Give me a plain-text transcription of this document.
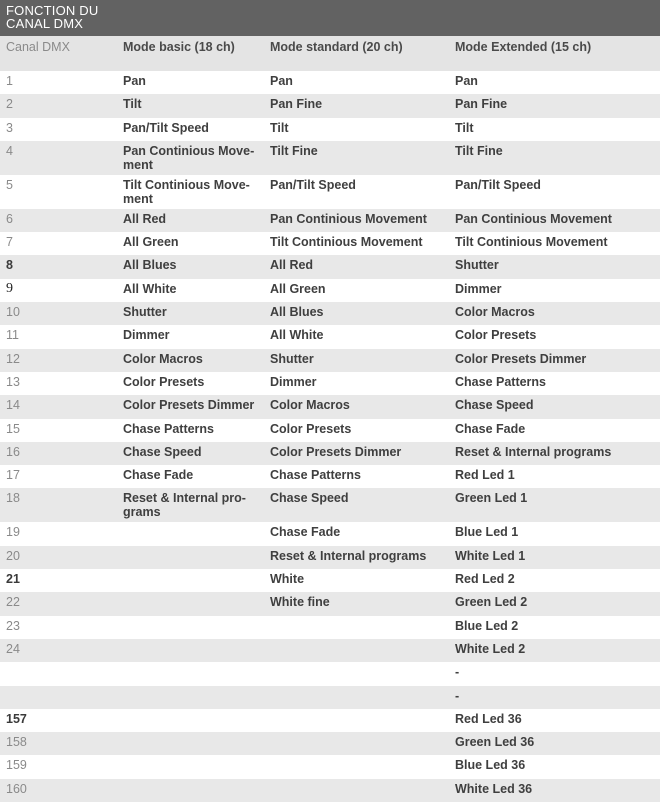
FONCTION DU
CANAL DMX
Canal DMX	Mode basic (18 ch)	Mode standard (20 ch)	Mode Extended (15 ch)
1	Pan	Pan	Pan
2	Tilt	Pan Fine	Pan Fine
3	Pan/Tilt Speed	Tilt	Tilt
4	Pan Continious Move-
ment	Tilt Fine	Tilt Fine
5	Tilt Continious Move-
ment	Pan/Tilt Speed	Pan/Tilt Speed
6	All Red	Pan Continious Movement	Pan Continious Movement
7	All Green	Tilt Continious Movement	Tilt Continious Movement
8	All Blues	All Red	Shutter
9	All White	All Green	Dimmer
10	Shutter	All Blues	Color Macros
11	Dimmer	All White	Color Presets
12	Color Macros	Shutter	Color Presets Dimmer
13	Color Presets	Dimmer	Chase Patterns
14	Color Presets Dimmer	Color Macros	Chase Speed
15	Chase Patterns	Color Presets	Chase Fade
16	Chase Speed	Color Presets Dimmer	Reset & Internal programs
17	Chase Fade	Chase Patterns	Red Led 1
18	Reset & Internal pro-
grams	Chase Speed	Green Led 1
19		Chase Fade	Blue Led 1
20		Reset & Internal programs	White Led 1
21		White	Red Led 2
22		White fine	Green Led 2
23			Blue Led 2
24			White Led 2
			-
			-
157			Red Led 36
158			Green Led 36
159			Blue Led 36
160			White Led 36
